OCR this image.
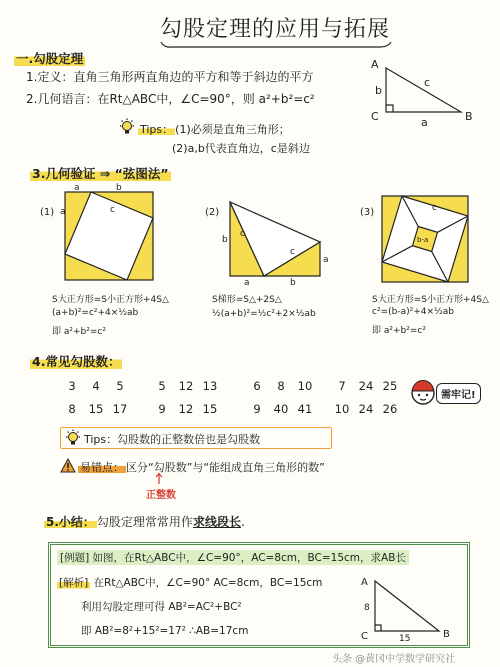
勾股定理的应用与拓展
一.勾股定理
1.定义：直角三角形两直角边的平方和等于斜边的平方
2.几何语言：在Rt△ABC中，∠C=90°，则 a²+b²=c²
A
b
c
C	a	B
Tips： (1)必须是直角三角形；
(2)a,b代表直角边，c是斜边
3.几何验证 ⇒ “弦图法”
(1)
b
a
a
c	(2)
b
a
c
c
a
b
(3)	c
b-a
S大正方形=S小正方形+4S△
(a+b)²=c²+4×½ab
即 a²+b²=c²
S梯形=S△+2S△
½(a+b)²=½c²+2×½ab
S大正方形=S小正方形+4S△
c²=(b-a)²+4×½ab
即 a²+b²=c²
4.常见勾股数：
3 4 5	5 12 13	6 8 10	7 24 25
8 15 17	9 12 15	9 40 41	10 24 26
需牢记!
Tips：勾股数的正整数倍也是勾股数
易错点： 区分“勾股数”与“能组成直角三角形的数”
正整数
5.小结： 勾股定理常常用作求线段长.
[例题] 如图，在Rt△ABC中，∠C=90°，AC=8cm，BC=15cm，求AB长
[解析] 在Rt△ABC中，∠C=90° AC=8cm，BC=15cm
利用勾股定理可得 AB²=AC²+BC²
即 AB²=8²+15²=17² ∴AB=17cm
A
8
C	15	B
头条 @黄冈中学数学研究社
